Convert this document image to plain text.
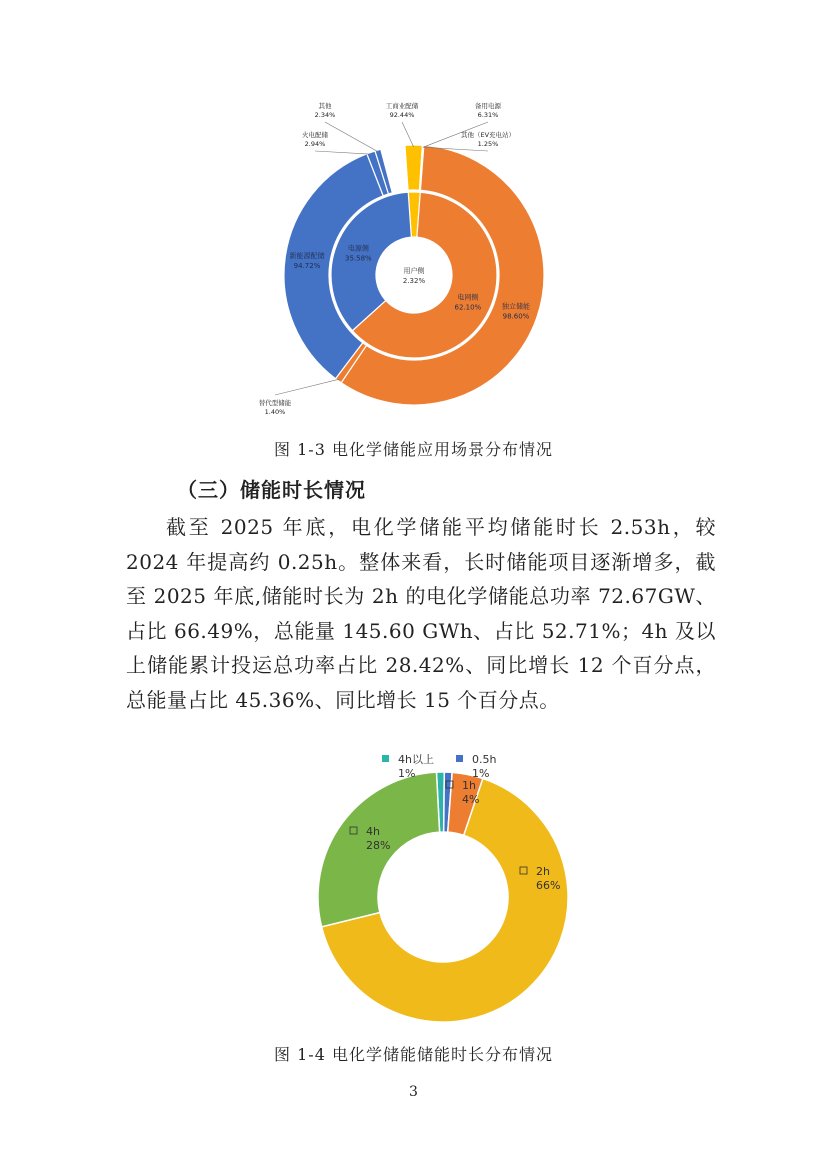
用户侧
2.32%
电网侧
62.10%
电源侧
35.58%
独立储能
98.60%
新能源配储
94.72%
其他
2.34%
工商业配储
92.44%
备用电源
6.31%
火电配储
2.94%
其他（EV充电站）
1.25%
替代型储能
1.40%
图 1-3 电化学储能应用场景分布情况
（三）储能时长情况

截至 2025 年底，电化学储能平均储能时长 2.53h，较 2024 年提高约 0.25h。整体来看，长时储能项目逐渐增多，截至 2025 年底,储能时长为 2h 的电化学储能总功率 72.67GW、占比 66.49%，总能量 145.60 GWh、占比 52.71%；4h 及以上储能累计投运总功率占比 28.42%、同比增长 12 个百分点，总能量占比 45.36%、同比增长 15 个百分点。

4h以上
1%
0.5h
1%
1h
4%
2h
66%
4h
28%
图 1-4 电化学储能储能时长分布情况
3
